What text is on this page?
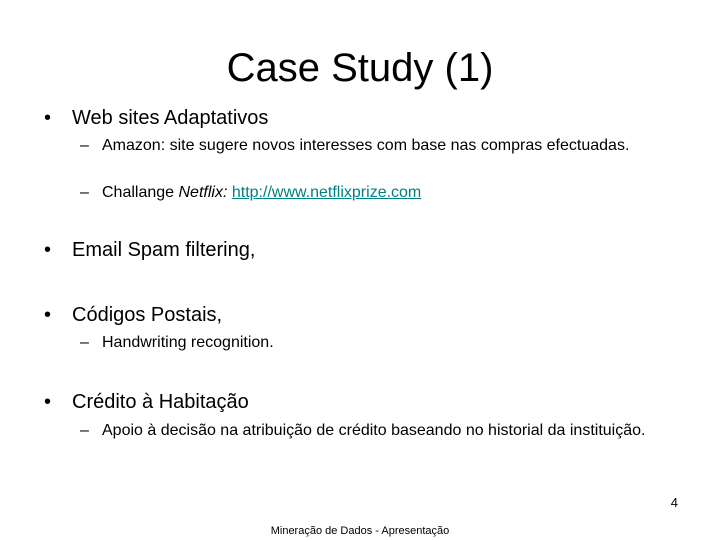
Case Study (1)
• Web sites Adaptativos
– Amazon: site sugere novos interesses com base nas compras efectuadas.
– Challange Netflix: http://www.netflixprize.com
• Email Spam filtering,
• Códigos Postais,
– Handwriting recognition.
• Crédito à Habitação
– Apoio à decisão na atribuição de crédito baseando no historial da instituição.
4
Mineração de Dados - Apresentação
